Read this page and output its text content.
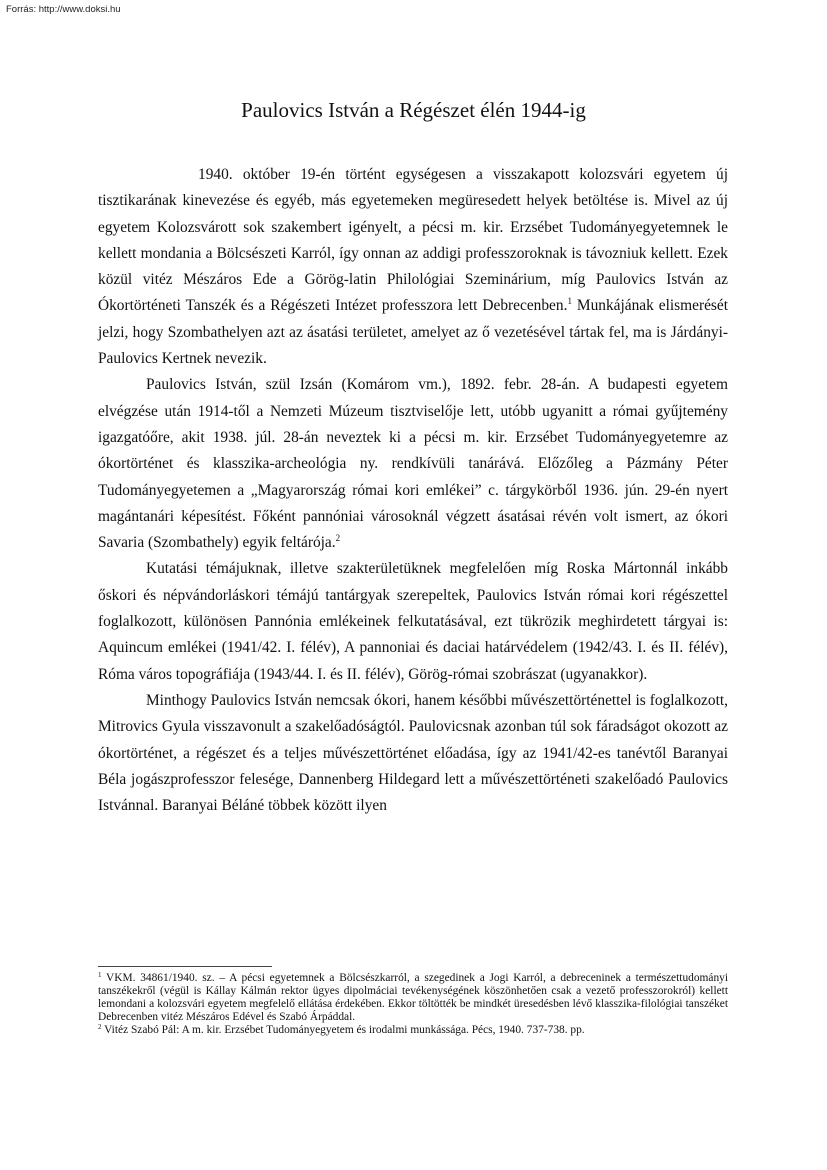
Forrás: http://www.doksi.hu
Paulovics István a Régészet élén 1944-ig

1940. október 19-én történt egységesen a visszakapott kolozsvári egyetem új tisztikarának kinevezése és egyéb, más egyetemeken megüresedett helyek betöltése is. Mivel az új egyetem Kolozsvárott sok szakembert igényelt, a pécsi m. kir. Erzsébet Tudományegyetemnek le kellett mondania a Bölcsészeti Karról, így onnan az addigi professzoroknak is távozniuk kellett. Ezek közül vitéz Mészáros Ede a Görög-latin Philológiai Szeminárium, míg Paulovics István az Ókortörténeti Tanszék és a Régészeti Intézet professzora lett Debrecenben.$^1$ Munkájának elismerését jelzi, hogy Szombathelyen azt az ásatási területet, amelyet az ő vezetésével tártak fel, ma is Járdányi-Paulovics Kertnek nevezik.

Paulovics István, szül Izsán (Komárom vm.), 1892. febr. 28-án. A budapesti egyetem elvégzése után 1914-től a Nemzeti Múzeum tisztviselője lett, utóbb ugyanitt a római gyűjtemény igazgatóőre, akit 1938. júl. 28-án neveztek ki a pécsi m. kir. Erzsébet Tudományegyetemre az ókortörténet és klasszika-archeológia ny. rendkívüli tanárává. Előzőleg a Pázmány Péter Tudományegyetemen a „Magyarország római kori emlékei” c. tárgykörből 1936. jún. 29-én nyert magántanári képesítést. Főként pannóniai városoknál végzett ásatásai révén volt ismert, az ókori Savaria (Szombathely) egyik feltárója.$^2$

Kutatási témájuknak, illetve szakterületüknek megfelelően míg Roska Mártonnál inkább őskori és népvándorláskori témájú tantárgyak szerepeltek, Paulovics István római kori régészettel foglalkozott, különösen Pannónia emlékeinek felkutatásával, ezt tükrözik meghirdetett tárgyai is: Aquincum emlékei (1941/42. I. félév), A pannoniai és daciai határvédelem (1942/43. I. és II. félév), Róma város topográfiája (1943/44. I. és II. félév), Görög-római szobrászat (ugyanakkor).

Minthogy Paulovics István nemcsak ókori, hanem későbbi művészettörténettel is foglalkozott, Mitrovics Gyula visszavonult a szakelőadóságtól. Paulovicsnak azonban túl sok fáradságot okozott az ókortörténet, a régészet és a teljes művészettörténet előadása, így az 1941/42-es tanévtől Baranyai Béla jogászprofesszor felesége, Dannenberg Hildegard lett a művészettörténeti szakelőadó Paulovics Istvánnal. Baranyai Béláné többek között ilyen

$^1$ VKM. 34861/1940. sz. – A pécsi egyetemnek a Bölcsészkarról, a szegedinek a Jogi Karról, a debreceninek a természettudományi tanszékekről (végül is Kállay Kálmán rektor ügyes dipolmáciai tevékenységének köszönhetően csak a vezető professzorokról) kellett lemondani a kolozsvári egyetem megfelelő ellátása érdekében. Ekkor töltötték be mindkét üresedésben lévő klasszika-filológiai tanszéket Debrecenben vitéz Mészáros Edével és Szabó Árpáddal.

$^2$ Vitéz Szabó Pál: A m. kir. Erzsébet Tudományegyetem és irodalmi munkássága. Pécs, 1940. 737-738. pp.
